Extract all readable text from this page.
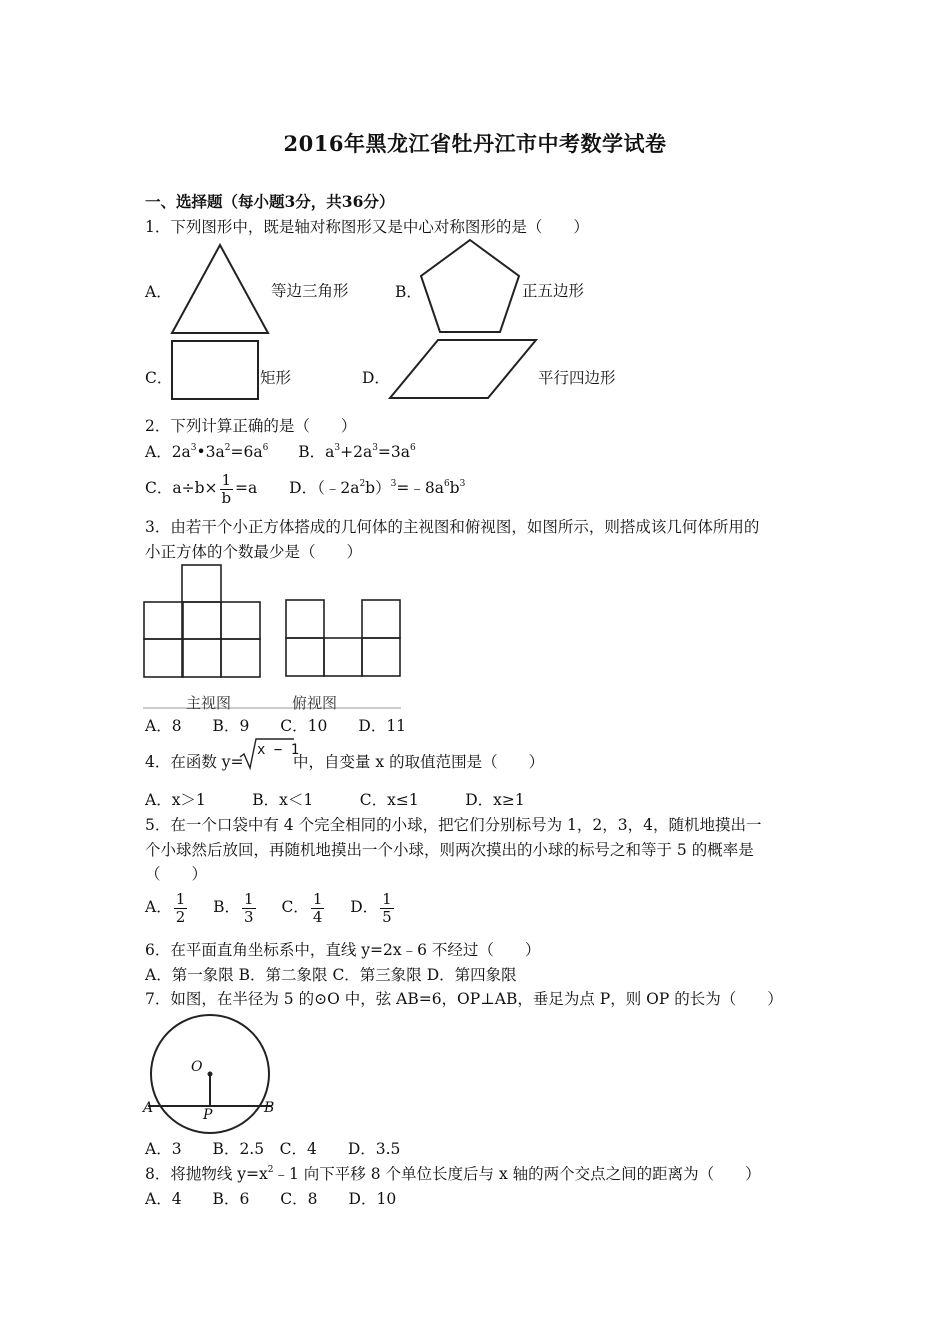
2016年黑龙江省牡丹江市中考数学试卷
一、选择题（每小题3分，共36分）
1．下列图形中，既是轴对称图形又是中心对称图形的是（　　）
A．	等边三角形	B．	正五边形
C．	矩形	D．	平行四边形
2．下列计算正确的是（　　）
A．$2a^3•3a^2=6a^6$ B．$a^3+2a^3=3a^6$
C．$a\div b\times \frac{1}{b} =a$ D．$(﹣2a^2b)^3=﹣8a^6b^3$
3．由若干个小正方体搭成的几何体的主视图和俯视图，如图所示，则搭成该几何体所用的
小正方体的个数最少是（　　）
主视图	俯视图
A．8　　B．9　　C．10　　D．11
4．在函数 y=
x − 1
中，自变量 x 的取值范围是（　　）
A．x＞1　　　B．x＜1　　　C．x≤1　　　D．x≥1
5．在一个口袋中有 4 个完全相同的小球，把它们分别标号为 1，2，3，4，随机地摸出一
个小球然后放回，再随机地摸出一个小球，则两次摸出的小球的标号之和等于 5 的概率是
（　　）
A． $\frac{1}{2}$ B． $\frac{1}{3}$ C． $\frac{1}{4}$ D． $\frac{1}{5}$
6．在平面直角坐标系中，直线 y=2x﹣6 不经过（　　）
A．第一象限 B．第二象限 C．第三象限 D．第四象限
7．如图，在半径为 5 的⊙O 中，弦 AB=6，OP⊥AB，垂足为点 P，则 OP 的长为（　　）
O
P
A	B
A．3　　B．2.5　C．4　　D．3.5
8．将抛物线 $y=x^2﹣1$ 向下平移 8 个单位长度后与 x 轴的两个交点之间的距离为（　　）
A．4　　B．6　　C．8　　D．10
